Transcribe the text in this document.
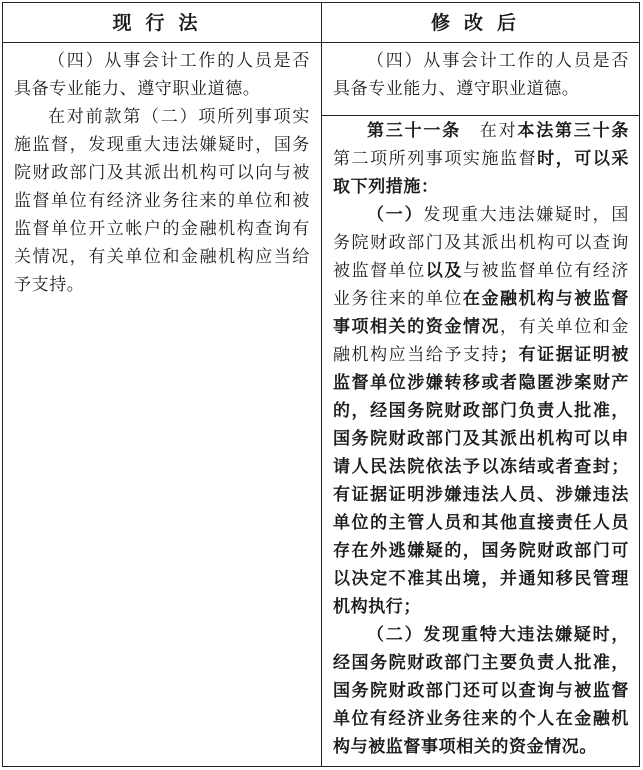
现行法	修改后

（四）从事会计工作的人员是否具备专业能力、遵守职业道德。

在对前款第（二）项所列事项实施监督，发现重大违法嫌疑时，国务院财政部门及其派出机构可以向与被监督单位有经济业务往来的单位和被监督单位开立帐户的金融机构查询有关情况，有关单位和金融机构应当给予支持。

（四）从事会计工作的人员是否具备专业能力、遵守职业道德。

第三十一条　在对本法第三十条第二项所列事项实施监督时，可以采取下列措施：

（一）发现重大违法嫌疑时，国务院财政部门及其派出机构可以查询被监督单位以及与被监督单位有经济业务往来的单位在金融机构与被监督事项相关的资金情况，有关单位和金融机构应当给予支持；有证据证明被监督单位涉嫌转移或者隐匿涉案财产的，经国务院财政部门负责人批准，国务院财政部门及其派出机构可以申请人民法院依法予以冻结或者查封；有证据证明涉嫌违法人员、涉嫌违法单位的主管人员和其他直接责任人员存在外逃嫌疑的，国务院财政部门可以决定不准其出境，并通知移民管理机构执行；

（二）发现重特大违法嫌疑时，经国务院财政部门主要负责人批准，国务院财政部门还可以查询与被监督单位有经济业务往来的个人在金融机构与被监督事项相关的资金情况。
